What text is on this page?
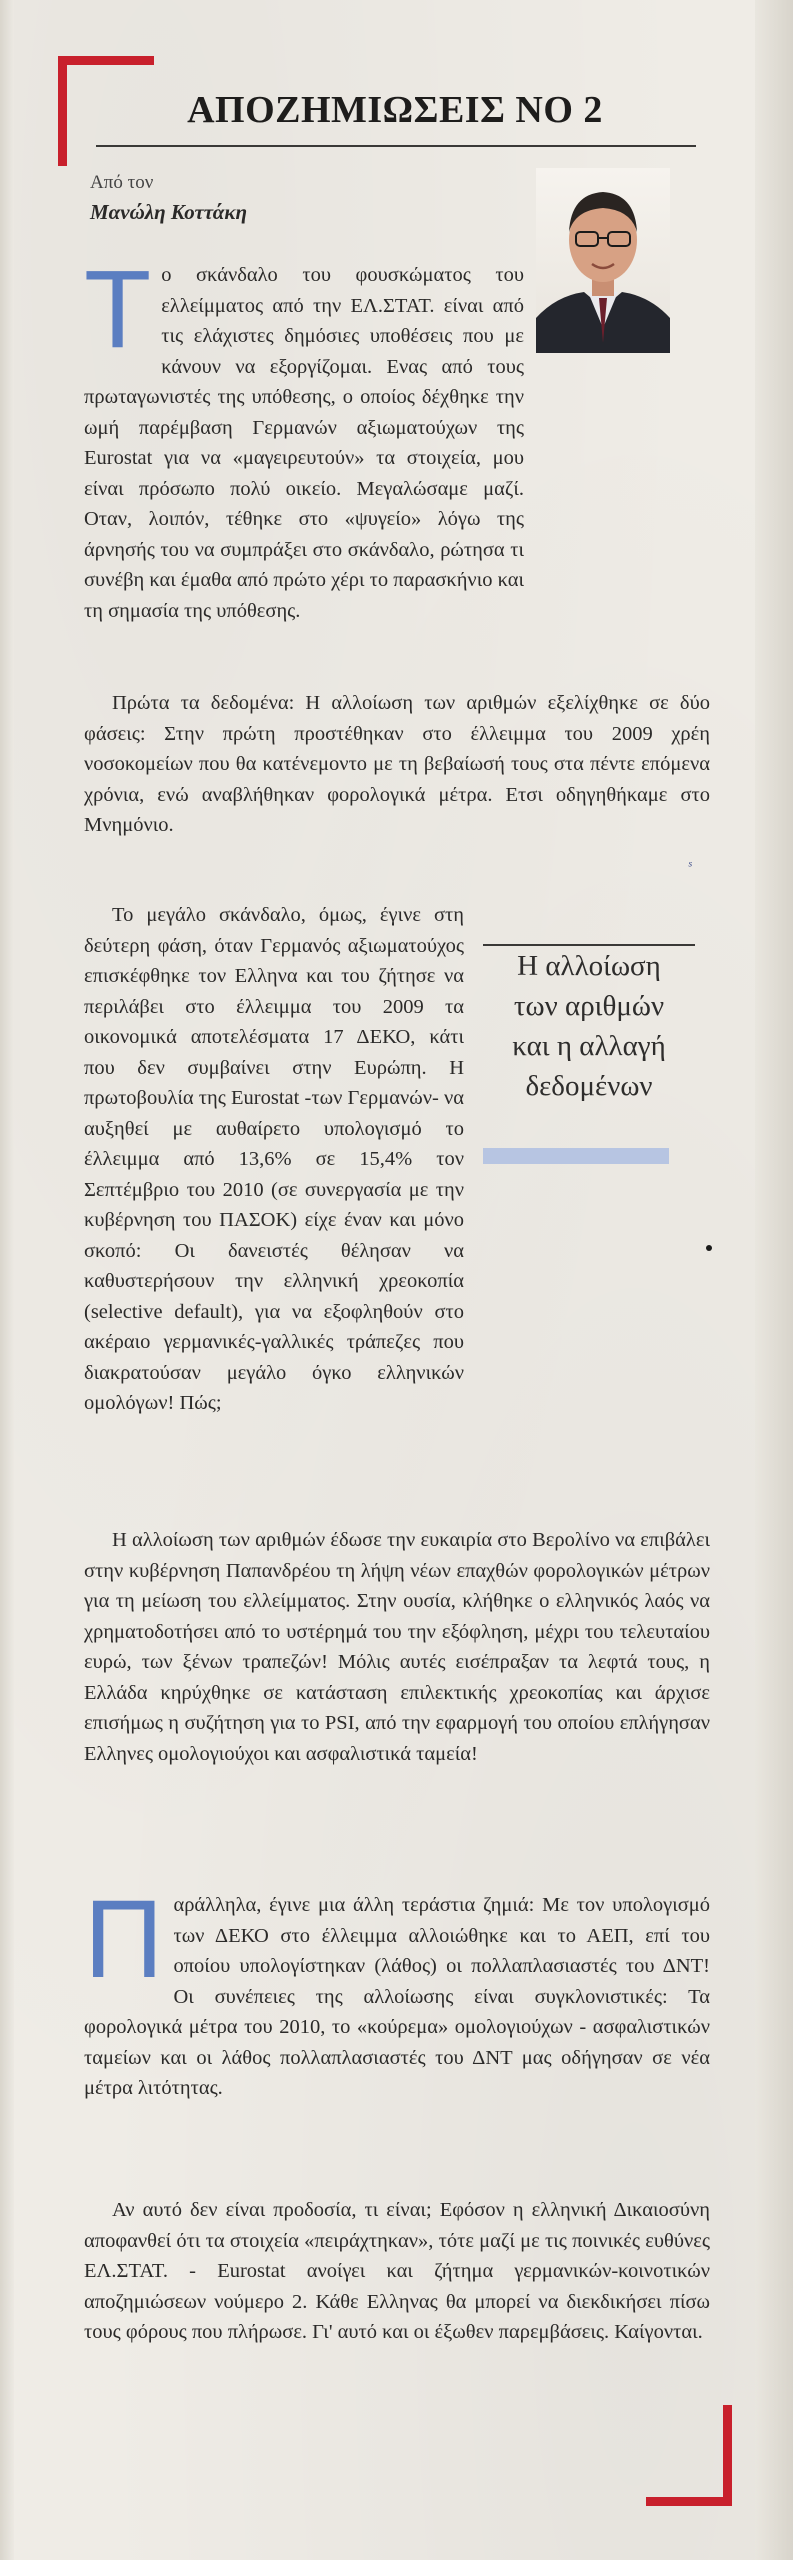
ΑΠΟΖΗΜΙΩΣΕΙΣ ΝΟ 2
Από τον
Μανώλη Κοττάκη
Τ ο σκάνδαλο του φουσκώματος του ελλείμματος από την ΕΛ.ΣΤΑΤ. είναι από τις ελάχιστες δημόσιες υποθέσεις που με κάνουν να εξοργίζομαι. Ενας από τους πρωταγωνιστές της υπόθεσης, ο οποίος δέχθηκε την ωμή παρέμβαση Γερμανών αξιωματούχων της Eurostat για να «μαγειρευτούν» τα στοιχεία, μου είναι πρόσωπο πολύ οικείο. Μεγαλώσαμε μαζί. Οταν, λοιπόν, τέθηκε στο «ψυγείο» λόγω της άρνησής του να συμπράξει στο σκάνδαλο, ρώτησα τι συνέβη και έμαθα από πρώτο χέρι το παρασκήνιο και τη σημασία της υπόθεσης.
Πρώτα τα δεδομένα: Η αλλοίωση των αριθμών εξελίχθηκε σε δύο φάσεις: Στην πρώτη προστέθηκαν στο έλλειμμα του 2009 χρέη νοσοκομείων που θα κατένεμοντο με τη βεβαίωσή τους στα πέντε επόμενα χρόνια, ενώ αναβλήθηκαν φορολογικά μέτρα. Ετσι οδηγηθήκαμε στο Μνημόνιο.
Το μεγάλο σκάνδαλο, όμως, έγινε στη δεύτερη φάση, όταν Γερμανός αξιωματούχος επισκέφθηκε τον Ελληνα και του ζήτησε να περιλάβει στο έλλειμμα του 2009 τα οικονομικά αποτελέσματα 17 ΔΕΚΟ, κάτι που δεν συμβαίνει στην Ευρώπη. Η πρωτοβουλία της Eurostat -των Γερμανών- να αυξηθεί με αυθαίρετο υπολογισμό το έλλειμμα από 13,6% σε 15,4% τον Σεπτέμβριο του 2010 (σε συνεργασία με την κυβέρνηση του ΠΑΣΟΚ) είχε έναν και μόνο σκοπό: Οι δανειστές θέλησαν να καθυστερήσουν την ελληνική χρεοκοπία (selective default), για να εξοφληθούν στο ακέραιο γερμανικές-γαλλικές τράπεζες που διακρατούσαν μεγάλο όγκο ελληνικών ομολόγων! Πώς;
Η αλλοίωση
των αριθμών
και η αλλαγή
δεδομένων
Η αλλοίωση των αριθμών έδωσε την ευκαιρία στο Βερολίνο να επιβάλει στην κυβέρνηση Παπανδρέου τη λήψη νέων επαχθών φορολογικών μέτρων για τη μείωση του ελλείμματος. Στην ουσία, κλήθηκε ο ελληνικός λαός να χρηματοδοτήσει από το υστέρημά του την εξόφληση, μέχρι του τελευταίου ευρώ, των ξένων τραπεζών! Μόλις αυτές εισέπραξαν τα λεφτά τους, η Ελλάδα κηρύχθηκε σε κατάσταση επιλεκτικής χρεοκοπίας και άρχισε επισήμως η συζήτηση για το PSI, από την εφαρμογή του οποίου επλήγησαν Ελληνες ομολογιούχοι και ασφαλιστικά ταμεία!
Π αράλληλα, έγινε μια άλλη τεράστια ζημιά: Με τον υπολογισμό των ΔΕΚΟ στο έλλειμμα αλλοιώθηκε και το ΑΕΠ, επί του οποίου υπολογίστηκαν (λάθος) οι πολλαπλασιαστές του ΔΝΤ! Οι συνέπειες της αλλοίωσης είναι συγκλονιστικές: Τα φορολογικά μέτρα του 2010, το «κούρεμα» ομολογιούχων - ασφαλιστικών ταμείων και οι λάθος πολλαπλασιαστές του ΔΝΤ μας οδήγησαν σε νέα μέτρα λιτότητας.
Αν αυτό δεν είναι προδοσία, τι είναι; Εφόσον η ελληνική Δικαιοσύνη αποφανθεί ότι τα στοιχεία «πειράχτηκαν», τότε μαζί με τις ποινικές ευθύνες ΕΛ.ΣΤΑΤ. - Eurostat ανοίγει και ζήτημα γερμανικών-κοινοτικών αποζημιώσεων νούμερο 2. Κάθε Ελληνας θα μπορεί να διεκδικήσει πίσω τους φόρους που πλήρωσε. Γι' αυτό και οι έξωθεν παρεμβάσεις. Καίγονται.
ˢ
